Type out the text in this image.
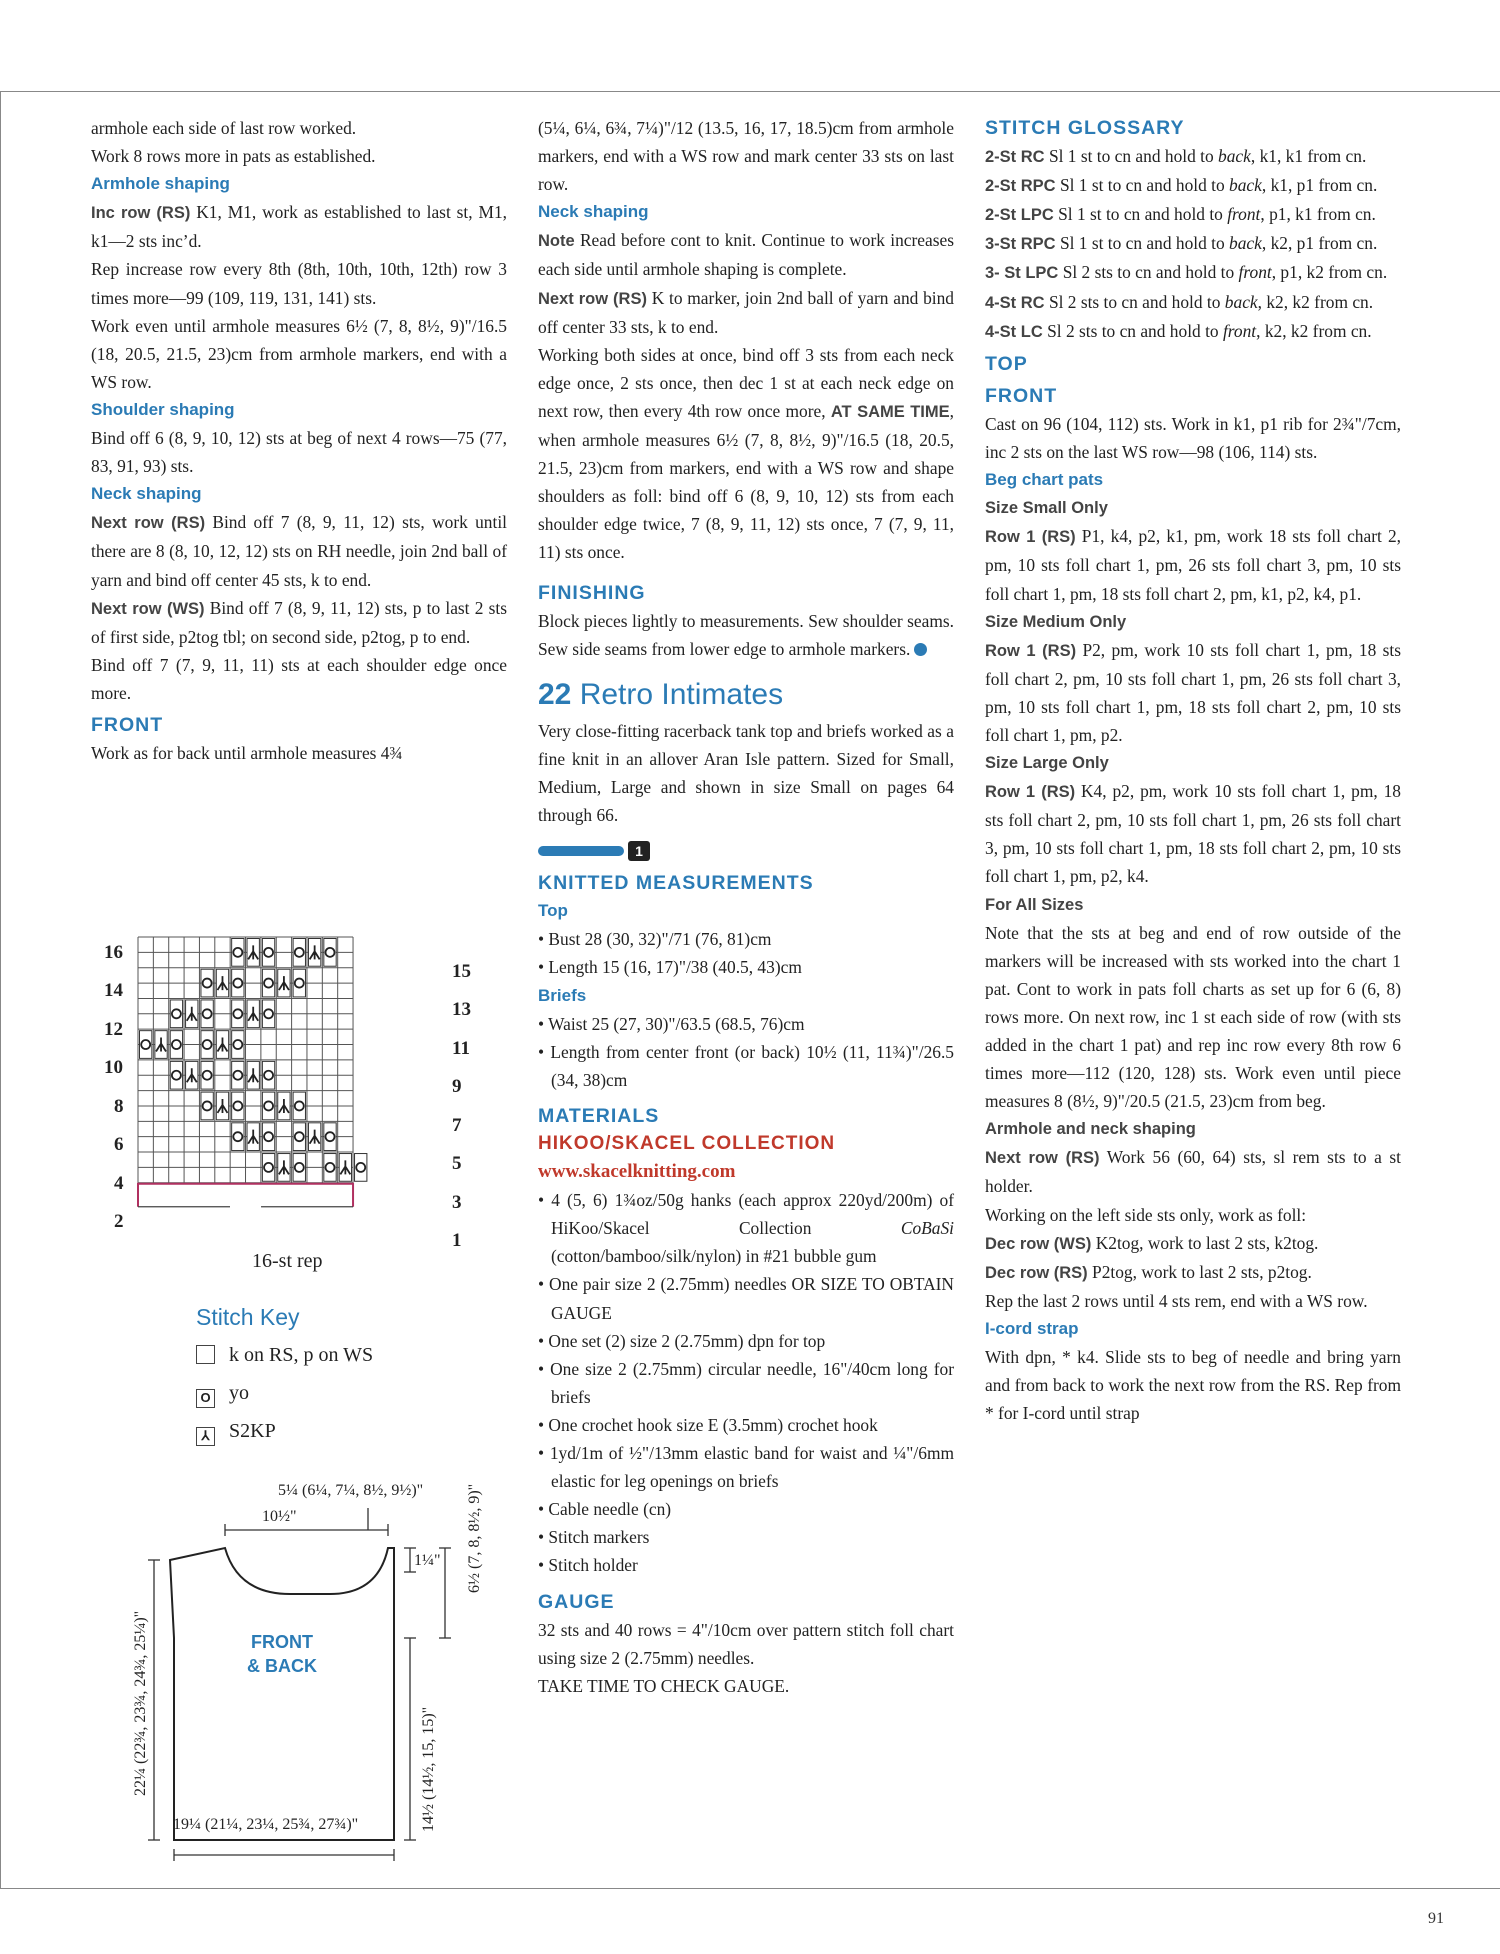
armhole each side of last row worked.

Work 8 rows more in pats as established.

Armhole shaping

Inc row (RS) K1, M1, work as established to last st, M1, k1—2 sts inc’d.

Rep increase row every 8th (8th, 10th, 10th, 12th) row 3 times more—99 (109, 119, 131, 141) sts.

Work even until armhole measures 6½ (7, 8, 8½, 9)"/16.5 (18, 20.5, 21.5, 23)cm from armhole markers, end with a WS row.

Shoulder shaping

Bind off 6 (8, 9, 10, 12) sts at beg of next 4 rows—75 (77, 83, 91, 93) sts.

Neck shaping

Next row (RS) Bind off 7 (8, 9, 11, 12) sts, work until there are 8 (8, 10, 12, 12) sts on RH needle, join 2nd ball of yarn and bind off center 45 sts, k to end.

Next row (WS) Bind off 7 (8, 9, 11, 12) sts, p to last 2 sts of first side, p2tog tbl; on second side, p2tog, p to end.

Bind off 7 (7, 9, 11, 11) sts at each shoulder edge once more.

FRONT

Work as for back until armhole measures 4¾

16
14
12
10
8
6
4
2
15
13
11
9
7
5
3
1
16-st rep
Stitch Key
k on RS, p on WS
O yo
⅄ S2KP
5¼ (6¼, 7¼, 8½, 9½)"
10½"
1¼" 6½ (7, 8, 8½, 9)"
14½ (14½, 15, 15)"
22¼ (22¾, 23¾, 24¾, 25¼)"
19¼ (21¼, 23¼, 25¾, 27¾)"
FRONT
& BACK

(5¼, 6¼, 6¾, 7¼)"/12 (13.5, 16, 17, 18.5)cm from armhole markers, end with a WS row and mark center 33 sts on last row.

Neck shaping

Note Read before cont to knit. Continue to work increases each side until armhole shaping is complete.

Next row (RS) K to marker, join 2nd ball of yarn and bind off center 33 sts, k to end.

Working both sides at once, bind off 3 sts from each neck edge once, 2 sts once, then dec 1 st at each neck edge on next row, then every 4th row once more, AT SAME TIME, when armhole measures 6½ (7, 8, 8½, 9)"/16.5 (18, 20.5, 21.5, 23)cm from markers, end with a WS row and shape shoulders as foll: bind off 6 (8, 9, 10, 12) sts from each shoulder edge twice, 7 (8, 9, 11, 12) sts once, 7 (7, 9, 11, 11) sts once.

FINISHING

Block pieces lightly to measurements. Sew shoulder seams. Sew side seams from lower edge to armhole markers.

22 Retro Intimates

Very close-fitting racerback tank top and briefs worked as a fine knit in an allover Aran Isle pattern. Sized for Small, Medium, Large and shown in size Small on pages 64 through 66.

1

KNITTED MEASUREMENTS

Top

• Bust 28 (30, 32)"/71 (76, 81)cm

• Length 15 (16, 17)"/38 (40.5, 43)cm

Briefs

• Waist 25 (27, 30)"/63.5 (68.5, 76)cm

• Length from center front (or back) 10½ (11, 11¾)"/26.5 (34, 38)cm

MATERIALS

HIKOO/SKACEL COLLECTION

www.skacelknitting.com

• 4 (5, 6) 1¾oz/50g hanks (each approx 220yd/200m) of HiKoo/Skacel Collection CoBaSi (cotton/bamboo/silk/nylon) in #21 bubble gum

• One pair size 2 (2.75mm) needles OR SIZE TO OBTAIN GAUGE

• One set (2) size 2 (2.75mm) dpn for top

• One size 2 (2.75mm) circular needle, 16"/40cm long for briefs

• One crochet hook size E (3.5mm) crochet hook

• 1yd/1m of ½"/13mm elastic band for waist and ¼"/6mm elastic for leg openings on briefs

• Cable needle (cn)

• Stitch markers

• Stitch holder

GAUGE

32 sts and 40 rows = 4"/10cm over pattern stitch foll chart using size 2 (2.75mm) needles.

TAKE TIME TO CHECK GAUGE.

STITCH GLOSSARY

2-St RC Sl 1 st to cn and hold to back, k1, k1 from cn.

2-St RPC Sl 1 st to cn and hold to back, k1, p1 from cn.

2-St LPC Sl 1 st to cn and hold to front, p1, k1 from cn.

3-St RPC Sl 1 st to cn and hold to back, k2, p1 from cn.

3- St LPC Sl 2 sts to cn and hold to front, p1, k2 from cn.

4-St RC Sl 2 sts to cn and hold to back, k2, k2 from cn.

4-St LC Sl 2 sts to cn and hold to front, k2, k2 from cn.

TOP

FRONT

Cast on 96 (104, 112) sts. Work in k1, p1 rib for 2¾"/7cm, inc 2 sts on the last WS row—98 (106, 114) sts.

Beg chart pats

Size Small Only

Row 1 (RS) P1, k4, p2, k1, pm, work 18 sts foll chart 2, pm, 10 sts foll chart 1, pm, 26 sts foll chart 3, pm, 10 sts foll chart 1, pm, 18 sts foll chart 2, pm, k1, p2, k4, p1.

Size Medium Only

Row 1 (RS) P2, pm, work 10 sts foll chart 1, pm, 18 sts foll chart 2, pm, 10 sts foll chart 1, pm, 26 sts foll chart 3, pm, 10 sts foll chart 1, pm, 18 sts foll chart 2, pm, 10 sts foll chart 1, pm, p2.

Size Large Only

Row 1 (RS) K4, p2, pm, work 10 sts foll chart 1, pm, 18 sts foll chart 2, pm, 10 sts foll chart 1, pm, 26 sts foll chart 3, pm, 10 sts foll chart 1, pm, 18 sts foll chart 2, pm, 10 sts foll chart 1, pm, p2, k4.

For All Sizes

Note that the sts at beg and end of row outside of the markers will be increased with sts worked into the chart 1 pat. Cont to work in pats foll charts as set up for 6 (6, 8) rows more. On next row, inc 1 st each side of row (with sts added in the chart 1 pat) and rep inc row every 8th row 6 times more—112 (120, 128) sts. Work even until piece measures 8 (8½, 9)"/20.5 (21.5, 23)cm from beg.

Armhole and neck shaping

Next row (RS) Work 56 (60, 64) sts, sl rem sts to a st holder.

Working on the left side sts only, work as foll:

Dec row (WS) K2tog, work to last 2 sts, k2tog.

Dec row (RS) P2tog, work to last 2 sts, p2tog.

Rep the last 2 rows until 4 sts rem, end with a WS row.

I-cord strap

With dpn, * k4. Slide sts to beg of needle and bring yarn and from back to work the next row from the RS. Rep from * for I-cord until strap

91
